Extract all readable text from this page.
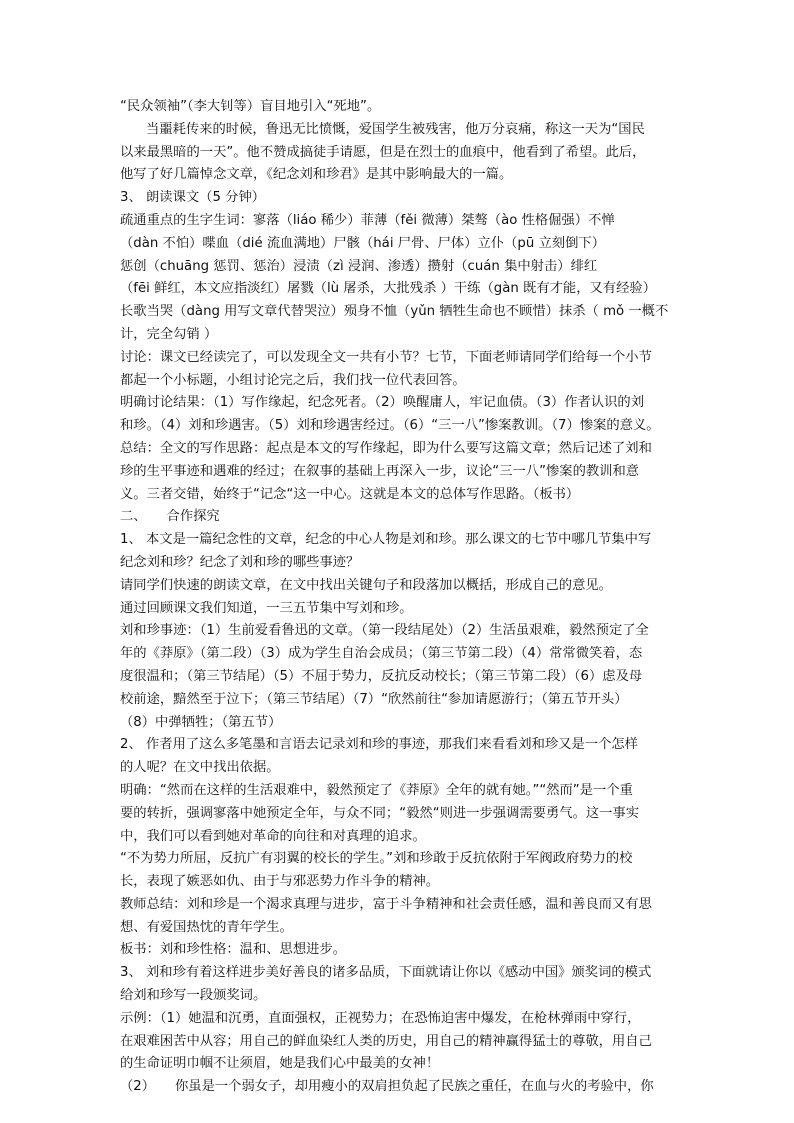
“民众领袖”（李大钊等）盲目地引入“死地”。
当噩耗传来的时候，鲁迅无比愤慨，爱国学生被残害，他万分哀痛，称这一天为“国民
以来最黑暗的一天”。他不赞成搞徒手请愿，但是在烈士的血痕中，他看到了希望。此后，
他写了好几篇悼念文章，《纪念刘和珍君》是其中影响最大的一篇。
3、 朗读课文（5 分钟）
疏通重点的生字生词：寥落（liáo 稀少）菲薄（fěi 微薄）桀骜（ào 性格倔强）不惮
（dàn 不怕）喋血（dié 流血满地）尸骸（hái 尸骨、尸体）立仆（pū 立刻倒下）
惩创（chuāng 惩罚、惩治）浸渍（zì 浸润、渗透）攒射（cuán 集中射击）绯红
（fēi 鲜红，本文应指淡红）屠戮（lù 屠杀，大批残杀 ）干练（gàn 既有才能，又有经验）
长歌当哭（dàng 用写文章代替哭泣）殒身不恤（yǔn 牺牲生命也不顾惜）抹杀（ mǒ 一概不
计，完全勾销 ）
讨论：课文已经读完了，可以发现全文一共有小节？七节，下面老师请同学们给每一个小节
都起一个小标题，小组讨论完之后，我们找一位代表回答。
明确讨论结果：（1）写作缘起，纪念死者。（2）唤醒庸人，牢记血债。（3）作者认识的刘
和珍。（4）刘和珍遇害。（5）刘和珍遇害经过。（6）“三一八”惨案教训。（7）惨案的意义。
总结：全文的写作思路：起点是本文的写作缘起，即为什么要写这篇文章；然后记述了刘和
珍的生平事迹和遇难的经过；在叙事的基础上再深入一步，议论“三一八”惨案的教训和意
义。三者交错，始终于“记念“这一中心。这就是本文的总体写作思路。（板书）
二、　　合作探究
1、 本文是一篇纪念性的文章，纪念的中心人物是刘和珍。那么课文的七节中哪几节集中写
纪念刘和珍？纪念了刘和珍的哪些事迹？
请同学们快速的朗读文章，在文中找出关键句子和段落加以概括，形成自己的意见。
通过回顾课文我们知道，一三五节集中写刘和珍。
刘和珍事迹：（1）生前爱看鲁迅的文章。（第一段结尾处）（2）生活虽艰难，毅然预定了全
年的《莽原》（第二段）（3）成为学生自治会成员；（第三节第二段）（4）常常微笑着，态
度很温和；（第三节结尾）（5）不屈于势力，反抗反动校长；（第三节第二段）（6）虑及母
校前途，黯然至于泣下；（第三节结尾）（7）“欣然前往“参加请愿游行；（第五节开头）
（8）中弹牺牲；（第五节）
2、 作者用了这么多笔墨和言语去记录刘和珍的事迹，那我们来看看刘和珍又是一个怎样
的人呢？在文中找出依据。
明确：“然而在这样的生活艰难中，毅然预定了《莽原》全年的就有她。”“然而”是一个重
要的转折，强调寥落中她预定全年，与众不同；“毅然“则进一步强调需要勇气。这一事实
中，我们可以看到她对革命的向往和对真理的追求。
“不为势力所屈，反抗广有羽翼的校长的学生。”刘和珍敢于反抗依附于军阀政府势力的校
长，表现了嫉恶如仇、由于与邪恶势力作斗争的精神。
教师总结：刘和珍是一个渴求真理与进步，富于斗争精神和社会责任感，温和善良而又有思
想、有爱国热忱的青年学生。
板书：刘和珍性格：温和、思想进步。
3、 刘和珍有着这样进步美好善良的诸多品质，下面就请让你以《感动中国》颁奖词的模式
给刘和珍写一段颁奖词。
示例：（1）她温和沉勇，直面强权，正视势力；在恐怖迫害中爆发，在枪林弹雨中穿行，
在艰难困苦中从容；用自己的鲜血染红人类的历史，用自己的精神赢得猛士的尊敬，用自己
的生命证明巾帼不让须眉，她是我们心中最美的女神！
（2）　　你虽是一个弱女子，却用瘦小的双肩担负起了民族之重任，在血与火的考验中，你
